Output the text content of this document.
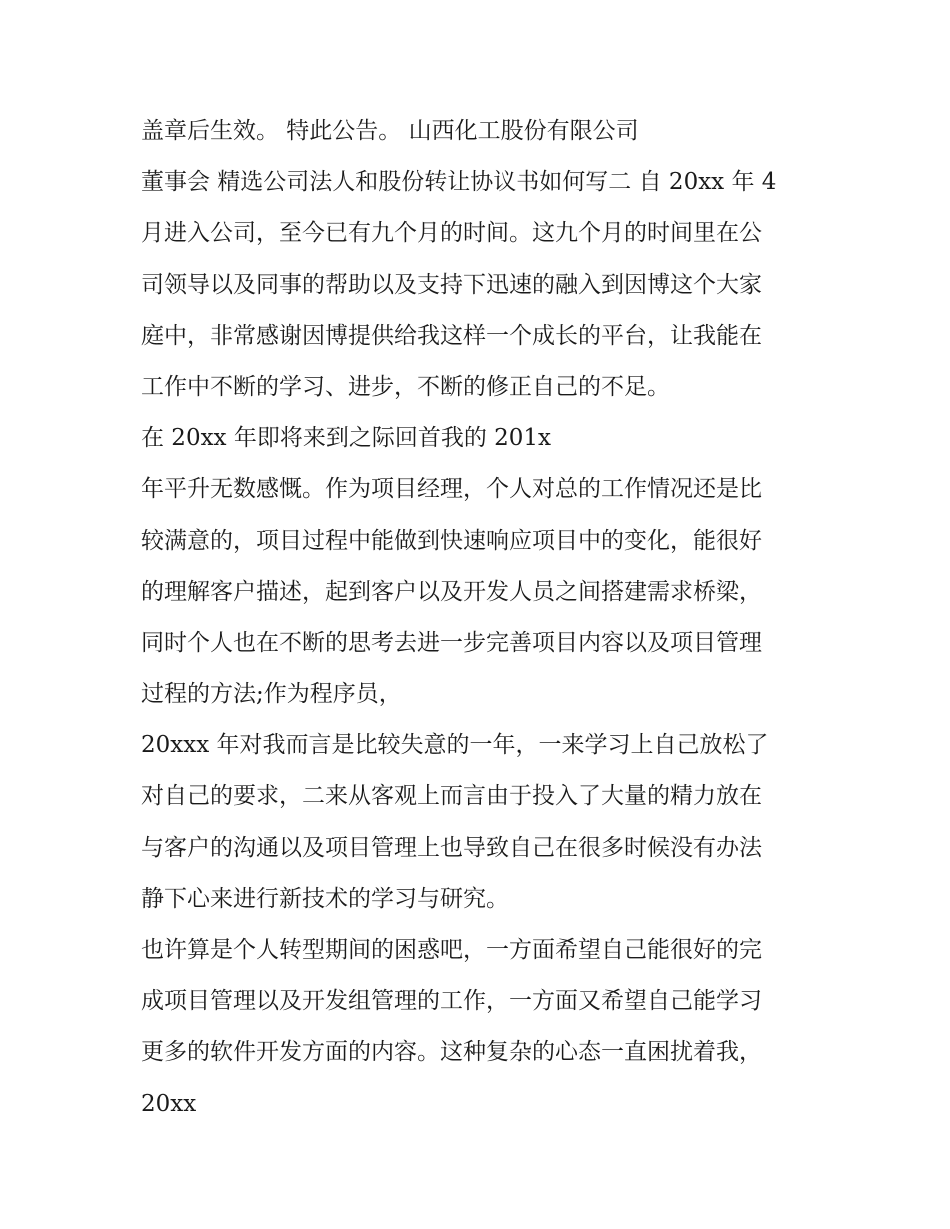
盖章后生效。 特此公告。 山西化工股份有限公司
董事会 精选公司法人和股份转让协议书如何写二 自 20xx 年 4
月进入公司，至今已有九个月的时间。这九个月的时间里在公
司领导以及同事的帮助以及支持下迅速的融入到因博这个大家
庭中，非常感谢因博提供给我这样一个成长的平台，让我能在
工作中不断的学习、进步，不断的修正自己的不足。
在 20xx 年即将来到之际回首我的 201x
年平升无数感慨。作为项目经理，个人对总的工作情况还是比
较满意的，项目过程中能做到快速响应项目中的变化，能很好
的理解客户描述，起到客户以及开发人员之间搭建需求桥梁，
同时个人也在不断的思考去进一步完善项目内容以及项目管理
过程的方法;作为程序员，
20xxx 年对我而言是比较失意的一年，一来学习上自己放松了
对自己的要求，二来从客观上而言由于投入了大量的精力放在
与客户的沟通以及项目管理上也导致自己在很多时候没有办法
静下心来进行新技术的学习与研究。
也许算是个人转型期间的困惑吧，一方面希望自己能很好的完
成项目管理以及开发组管理的工作，一方面又希望自己能学习
更多的软件开发方面的内容。这种复杂的心态一直困扰着我，
20xx
